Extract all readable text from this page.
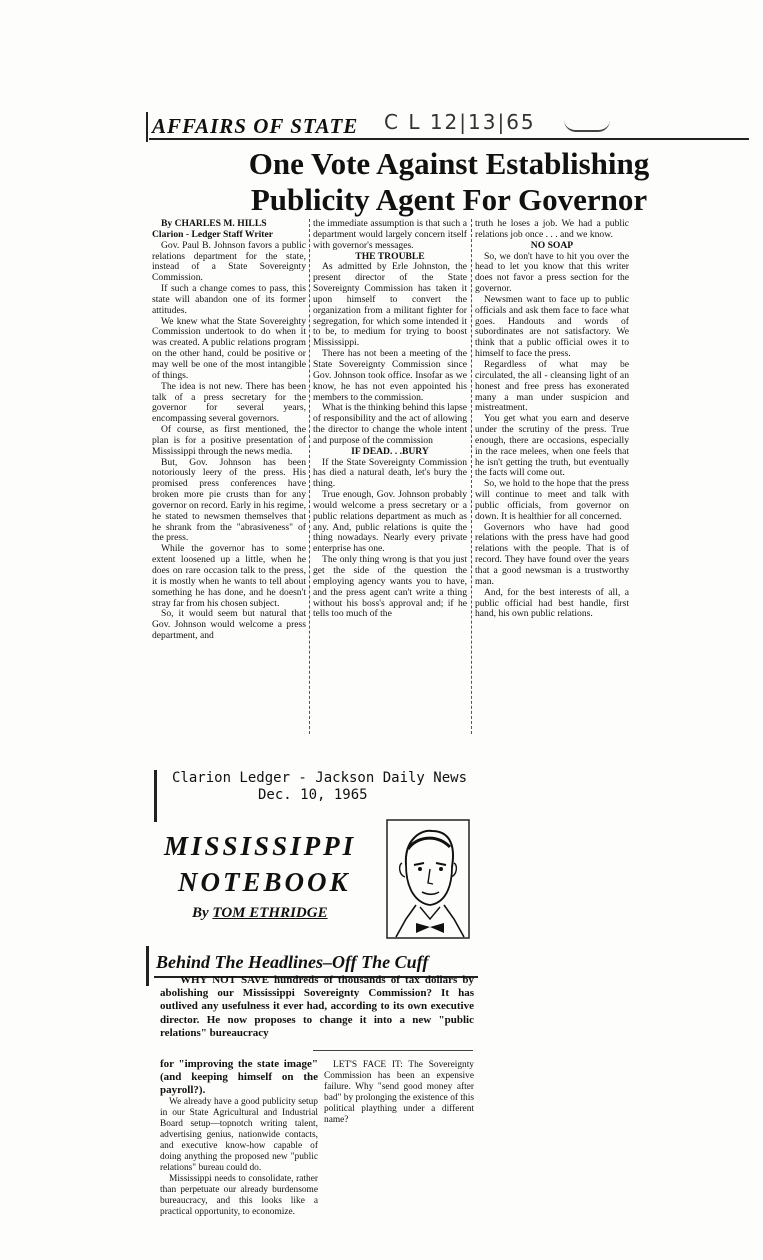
AFFAIRS OF STATE C L 12|13|65
One Vote Against Establishing
Publicity Agent For Governor

By CHARLES M. HILLS

Clarion - Ledger Staff Writer

Gov. Paul B. Johnson favors a public relations department for the state, instead of a State Sovereignty Commission.

If such a change comes to pass, this state will abandon one of its former attitudes.

We knew what the State Sovereighty Commission undertook to do when it was created. A public relations program on the other hand, could be positive or may well be one of the most intangible of things.

The idea is not new. There has been talk of a press secretary for the governor for several years, encompassing several governors.

Of course, as first mentioned, the plan is for a positive presentation of Mississippi through the news media.

But, Gov. Johnson has been notoriously leery of the press. His promised press conferences have broken more pie crusts than for any governor on record. Early in his regime, he stated to newsmen themselves that he shrank from the "abrasiveness" of the press.

While the governor has to some extent loosened up a little, when he does on rare occasion talk to the press, it is mostly when he wants to tell about something he has done, and he doesn't stray far from his chosen subject.

So, it would seem but natural that Gov. Johnson would welcome a press department, and

the immediate assumption is that such a department would largely concern itself with governor's messages.

THE TROUBLE

As admitted by Erle Johnston, the present director of the State Sovereignty Commission has taken it upon himself to convert the organization from a militant fighter for segregation, for which some intended it to be, to medium for trying to boost Mississippi.

There has not been a meeting of the State Sovereignty Commission since Gov. Johnson took office. Insofar as we know, he has not even appointed his members to the commission.

What is the thinking behind this lapse of responsibility and the act of allowing the director to change the whole intent and purpose of the commission

IF DEAD. . .BURY

If the State Sovereignty Commission has died a natural death, let's bury the thing.

True enough, Gov. Johnson probably would welcome a press secretary or a public relations department as much as any. And, public relations is quite the thing nowadays. Nearly every private enterprise has one.

The only thing wrong is that you just get the side of the question the employing agency wants you to have, and the press agent can't write a thing without his boss's approval and; if he tells too much of the

truth he loses a job. We had a public relations job once . . . and we know.

NO SOAP

So, we don't have to hit you over the head to let you know that this writer does not favor a press section for the governor.

Newsmen want to face up to public officials and ask them face to face what goes. Handouts and words of subordinates are not satisfactory. We think that a public official owes it to himself to face the press.

Regardless of what may be circulated, the all - cleansing light of an honest and free press has exonerated many a man under suspicion and mistreatment.

You get what you earn and deserve under the scrutiny of the press. True enough, there are occasions, especially in the race melees, when one feels that he isn't getting the truth, but eventually the facts will come out.

So, we hold to the hope that the press will continue to meet and talk with public officials, from governor on down. It is healthier for all concerned.

Governors who have had good relations with the press have had good relations with the people. That is of record. They have found over the years that a good newsman is a trustworthy man.

And, for the best interests of all, a public official had best handle, first hand, his own public relations.

Clarion Ledger - Jackson Daily News
Dec. 10, 1965
MISSISSIPPI
NOTEBOOK
By TOM ETHRIDGE
Behind The Headlines–Off The Cuff

WHY NOT SAVE hundreds of thousands of tax dollars by abolishing our Mississippi Sovereignty Commission? It has outlived any usefulness it ever had, according to its own executive director. He now proposes to change it into a new "public relations" bureaucracy

for "improving the state image" (and keeping himself on the payroll?).

We already have a good publicity setup in our State Agricultural and Industrial Board setup—topnotch writing talent, advertising genius, nationwide contacts, and executive know-how capable of doing anything the proposed new "public relations" bureau could do.

Mississippi needs to consolidate, rather than perpetuate our already burdensome bureaucracy, and this looks like a practical opportunity, to economize.

LET'S FACE IT: The Sovereignty Commission has been an expensive failure. Why "send good money after bad" by prolonging the existence of this political plaything under a different name?
